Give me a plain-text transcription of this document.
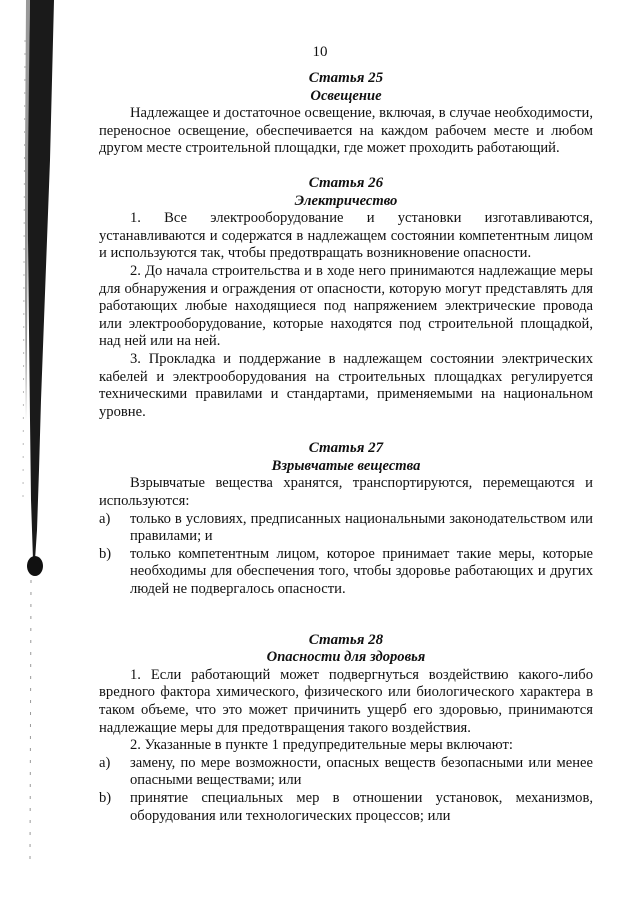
10

Статья 25

Освещение

Надлежащее и достаточное освещение, включая, в случае необходимости, переносное освещение, обеспечивается на каждом рабочем месте и любом другом месте строительной площадки, где может проходить работающий.

Статья 26

Электричество

1. Все электрооборудование и установки изготавливаются, устанавливаются и содержатся в надлежащем состоянии компетентным лицом и используются так, чтобы предотвращать возникновение опасности.

2. До начала строительства и в ходе него принимаются надлежащие меры для обнаружения и ограждения от опасности, которую могут представлять для работающих любые находящиеся под напряжением электрические провода или электрооборудование, которые находятся под строительной площадкой, над ней или на ней.

3. Прокладка и поддержание в надлежащем состоянии электрических кабелей и электрооборудования на строительных площадках регулируется техническими правилами и стандартами, применяемыми на национальном уровне.

Статья 27

Взрывчатые вещества

Взрывчатые вещества хранятся, транспортируются, перемещаются и используются:

a) только в условиях, предписанных национальными законодательством или правилами; и
b) только компетентным лицом, которое принимает такие меры, которые необходимы для обеспечения того, чтобы здоровье работающих и других людей не подвергалось опасности.

Статья 28

Опасности для здоровья

1. Если работающий может подвергнуться воздействию какого-либо вредного фактора химического, физического или биологического характера в таком объеме, что это может причинить ущерб его здоровью, принимаются надлежащие меры для предотвращения такого воздействия.

2. Указанные в пункте 1 предупредительные меры включают:

a) замену, по мере возможности, опасных веществ безопасными или менее опасными веществами; или
b) принятие специальных мер в отношении установок, механизмов, оборудования или технологических процессов; или
